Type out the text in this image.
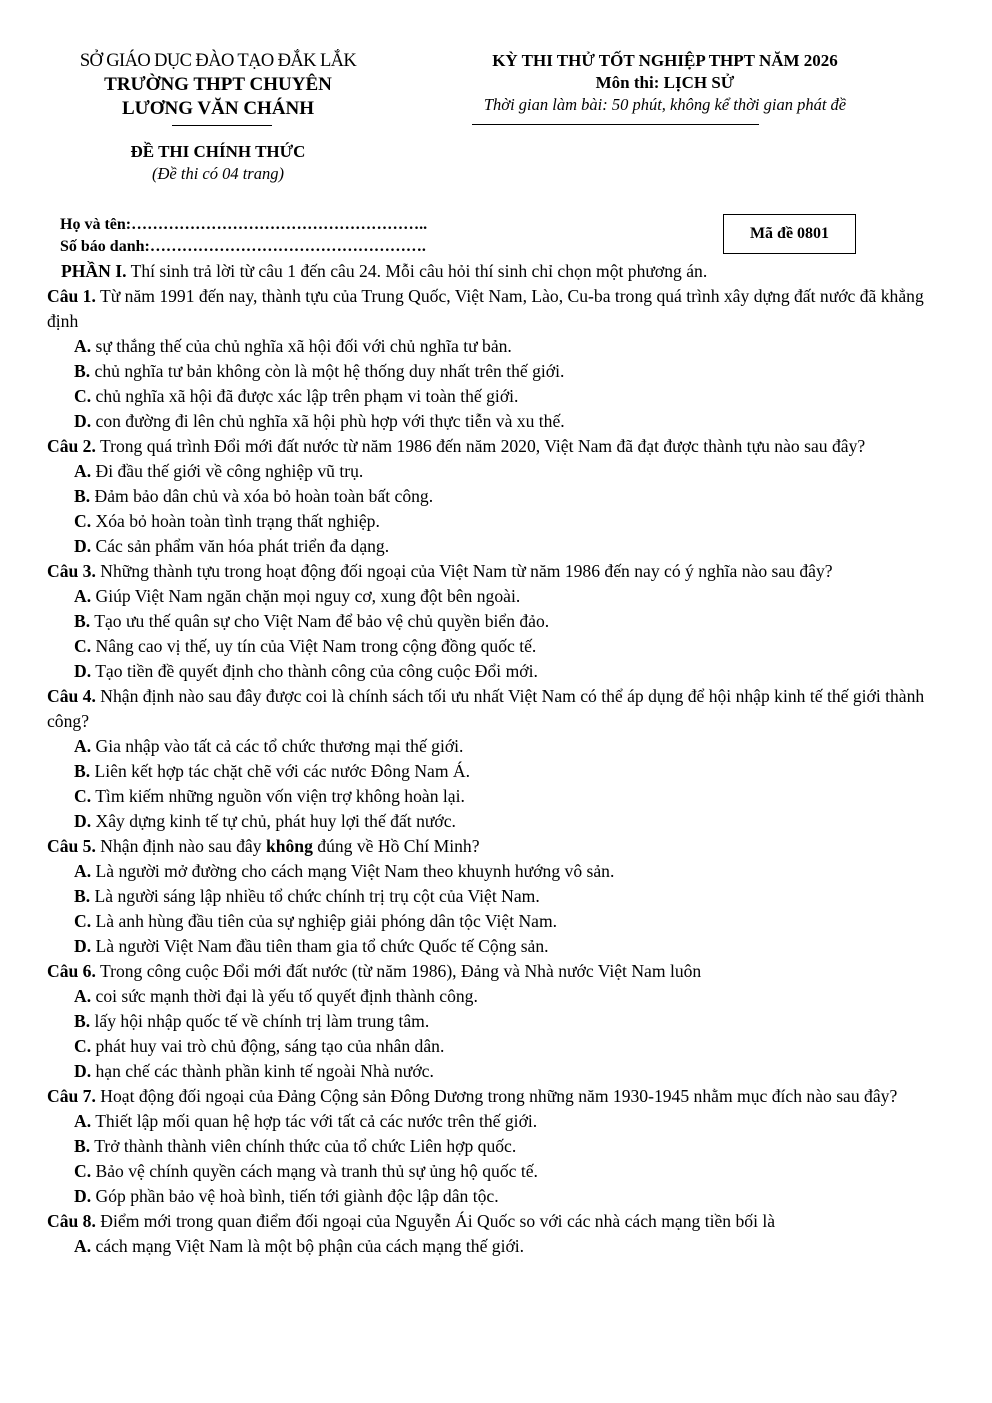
SỞ GIÁO DỤC ĐÀO TẠO ĐẮK LẮK
TRƯỜNG THPT CHUYÊN
LƯƠNG VĂN CHÁNH
KỲ THI THỬ TỐT NGHIỆP THPT NĂM 2026
Môn thi: LỊCH SỬ
Thời gian làm bài: 50 phút, không kể thời gian phát đề
ĐỀ THI CHÍNH THỨC
(Đề thi có 04 trang)
Họ và tên:………………………………………………..
Số báo danh:…………………………………………….
Mã đề 0801
PHẦN I. Thí sinh trả lời từ câu 1 đến câu 24. Mỗi câu hỏi thí sinh chỉ chọn một phương án.
Câu 1. Từ năm 1991 đến nay, thành tựu của Trung Quốc, Việt Nam, Lào, Cu-ba trong quá trình xây dựng đất nước đã khẳng định
A. sự thắng thế của chủ nghĩa xã hội đối với chủ nghĩa tư bản.
B. chủ nghĩa tư bản không còn là một hệ thống duy nhất trên thế giới.
C. chủ nghĩa xã hội đã được xác lập trên phạm vi toàn thế giới.
D. con đường đi lên chủ nghĩa xã hội phù hợp với thực tiễn và xu thế.
Câu 2. Trong quá trình Đổi mới đất nước từ năm 1986 đến năm 2020, Việt Nam đã đạt được thành tựu nào sau đây?
A. Đi đầu thế giới về công nghiệp vũ trụ.
B. Đảm bảo dân chủ và xóa bỏ hoàn toàn bất công.
C. Xóa bỏ hoàn toàn tình trạng thất nghiệp.
D. Các sản phẩm văn hóa phát triển đa dạng.
Câu 3. Những thành tựu trong hoạt động đối ngoại của Việt Nam từ năm 1986 đến nay có ý nghĩa nào sau đây?
A. Giúp Việt Nam ngăn chặn mọi nguy cơ, xung đột bên ngoài.
B. Tạo ưu thế quân sự cho Việt Nam để bảo vệ chủ quyền biển đảo.
C. Nâng cao vị thế, uy tín của Việt Nam trong cộng đồng quốc tế.
D. Tạo tiền đề quyết định cho thành công của công cuộc Đổi mới.
Câu 4. Nhận định nào sau đây được coi là chính sách tối ưu nhất Việt Nam có thể áp dụng để hội nhập kinh tế thế giới thành công?
A. Gia nhập vào tất cả các tổ chức thương mại thế giới.
B. Liên kết hợp tác chặt chẽ với các nước Đông Nam Á.
C. Tìm kiếm những nguồn vốn viện trợ không hoàn lại.
D. Xây dựng kinh tế tự chủ, phát huy lợi thế đất nước.
Câu 5. Nhận định nào sau đây không đúng về Hồ Chí Minh?
A. Là người mở đường cho cách mạng Việt Nam theo khuynh hướng vô sản.
B. Là người sáng lập nhiều tổ chức chính trị trụ cột của Việt Nam.
C. Là anh hùng đầu tiên của sự nghiệp giải phóng dân tộc Việt Nam.
D. Là người Việt Nam đầu tiên tham gia tổ chức Quốc tế Cộng sản.
Câu 6. Trong công cuộc Đổi mới đất nước (từ năm 1986), Đảng và Nhà nước Việt Nam luôn
A. coi sức mạnh thời đại là yếu tố quyết định thành công.
B. lấy hội nhập quốc tế về chính trị làm trung tâm.
C. phát huy vai trò chủ động, sáng tạo của nhân dân.
D. hạn chế các thành phần kinh tế ngoài Nhà nước.
Câu 7. Hoạt động đối ngoại của Đảng Cộng sản Đông Dương trong những năm 1930-1945 nhằm mục đích nào sau đây?
A. Thiết lập mối quan hệ hợp tác với tất cả các nước trên thế giới.
B. Trở thành thành viên chính thức của tổ chức Liên hợp quốc.
C. Bảo vệ chính quyền cách mạng và tranh thủ sự ủng hộ quốc tế.
D. Góp phần bảo vệ hoà bình, tiến tới giành độc lập dân tộc.
Câu 8. Điểm mới trong quan điểm đối ngoại của Nguyễn Ái Quốc so với các nhà cách mạng tiền bối là
A. cách mạng Việt Nam là một bộ phận của cách mạng thế giới.
